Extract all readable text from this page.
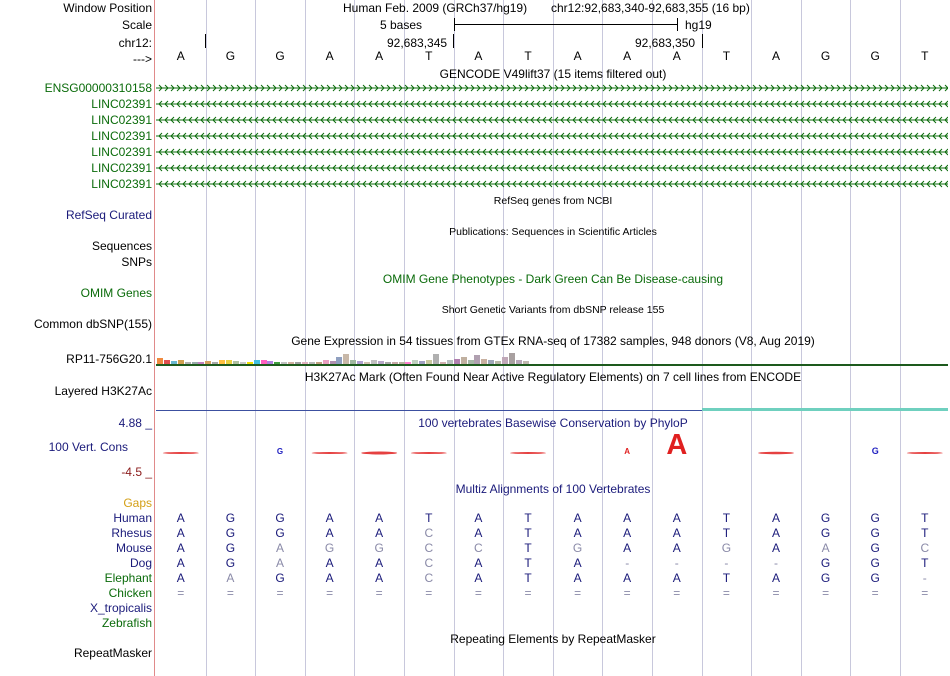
Window Position	Human Feb. 2009 (GRCh37/hg19) chr12:92,683,340-92,683,355 (16 bp)
Scale	5 bases	hg19
chr12:	92,683,345	92,683,350
--->	A	G	G	A	A	T	A	T	A	A	A	T	A	G	G	T
GENCODE V49lift37 (15 items filtered out)
ENSG00000310158
LINC02391
LINC02391
LINC02391
LINC02391
LINC02391
LINC02391
RefSeq genes from NCBI
RefSeq Curated
Publications: Sequences in Scientific Articles
Sequences
SNPs
OMIM Gene Phenotypes - Dark Green Can Be Disease-causing
OMIM Genes
Short Genetic Variants from dbSNP release 155
Common dbSNP(155)
Gene Expression in 54 tissues from GTEx RNA-seq of 17382 samples, 948 donors (V8, Aug 2019)
RP11-756G20.1
H3K27Ac Mark (Often Found Near Active Regulatory Elements) on 7 cell lines from ENCODE
Layered H3K27Ac
100 vertebrates Basewise Conservation by PhyloP
4.88 _
100 Vert. Cons
-4.5 _
G	A A	G
Multiz Alignments of 100 Vertebrates
Gaps
Human	A	G	G	A	A	T	A	T	A	A	A	T	A	G	G	T
Rhesus	A	G	G	A	A	C	A	T	A	A	A	T	A	G	G	T
Mouse	A	G	A	G	G	C	C	T	G	A	A	G	A	A	G	C
Dog	A	G	A	A	A	C	A	T	A	-	-	-	-	G	G	T
Elephant	A	A	G	A	A	C	A	T	A	A	A	T	A	G	G	-
Chicken	=	=	=	=	=	=	=	=	=	=	=	=	=	=	=	=
X_tropicalis
Zebrafish
Repeating Elements by RepeatMasker
RepeatMasker
